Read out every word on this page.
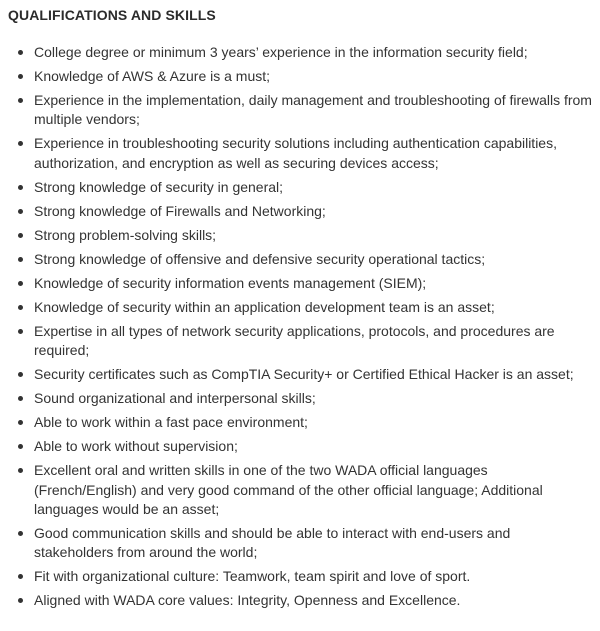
QUALIFICATIONS AND SKILLS
College degree or minimum 3 years’ experience in the information security field;
Knowledge of AWS & Azure is a must;
Experience in the implementation, daily management and troubleshooting of firewalls from multiple vendors;
Experience in troubleshooting security solutions including authentication capabilities, authorization, and encryption as well as securing devices access;
Strong knowledge of security in general;
Strong knowledge of Firewalls and Networking;
Strong problem-solving skills;
Strong knowledge of offensive and defensive security operational tactics;
Knowledge of security information events management (SIEM);
Knowledge of security within an application development team is an asset;
Expertise in all types of network security applications, protocols, and procedures are required;
Security certificates such as CompTIA Security+ or Certified Ethical Hacker is an asset;
Sound organizational and interpersonal skills;
Able to work within a fast pace environment;
Able to work without supervision;
Excellent oral and written skills in one of the two WADA official languages (French/English) and very good command of the other official language; Additional languages would be an asset;
Good communication skills and should be able to interact with end-users and stakeholders from around the world;
Fit with organizational culture: Teamwork, team spirit and love of sport.
Aligned with WADA core values: Integrity, Openness and Excellence.
